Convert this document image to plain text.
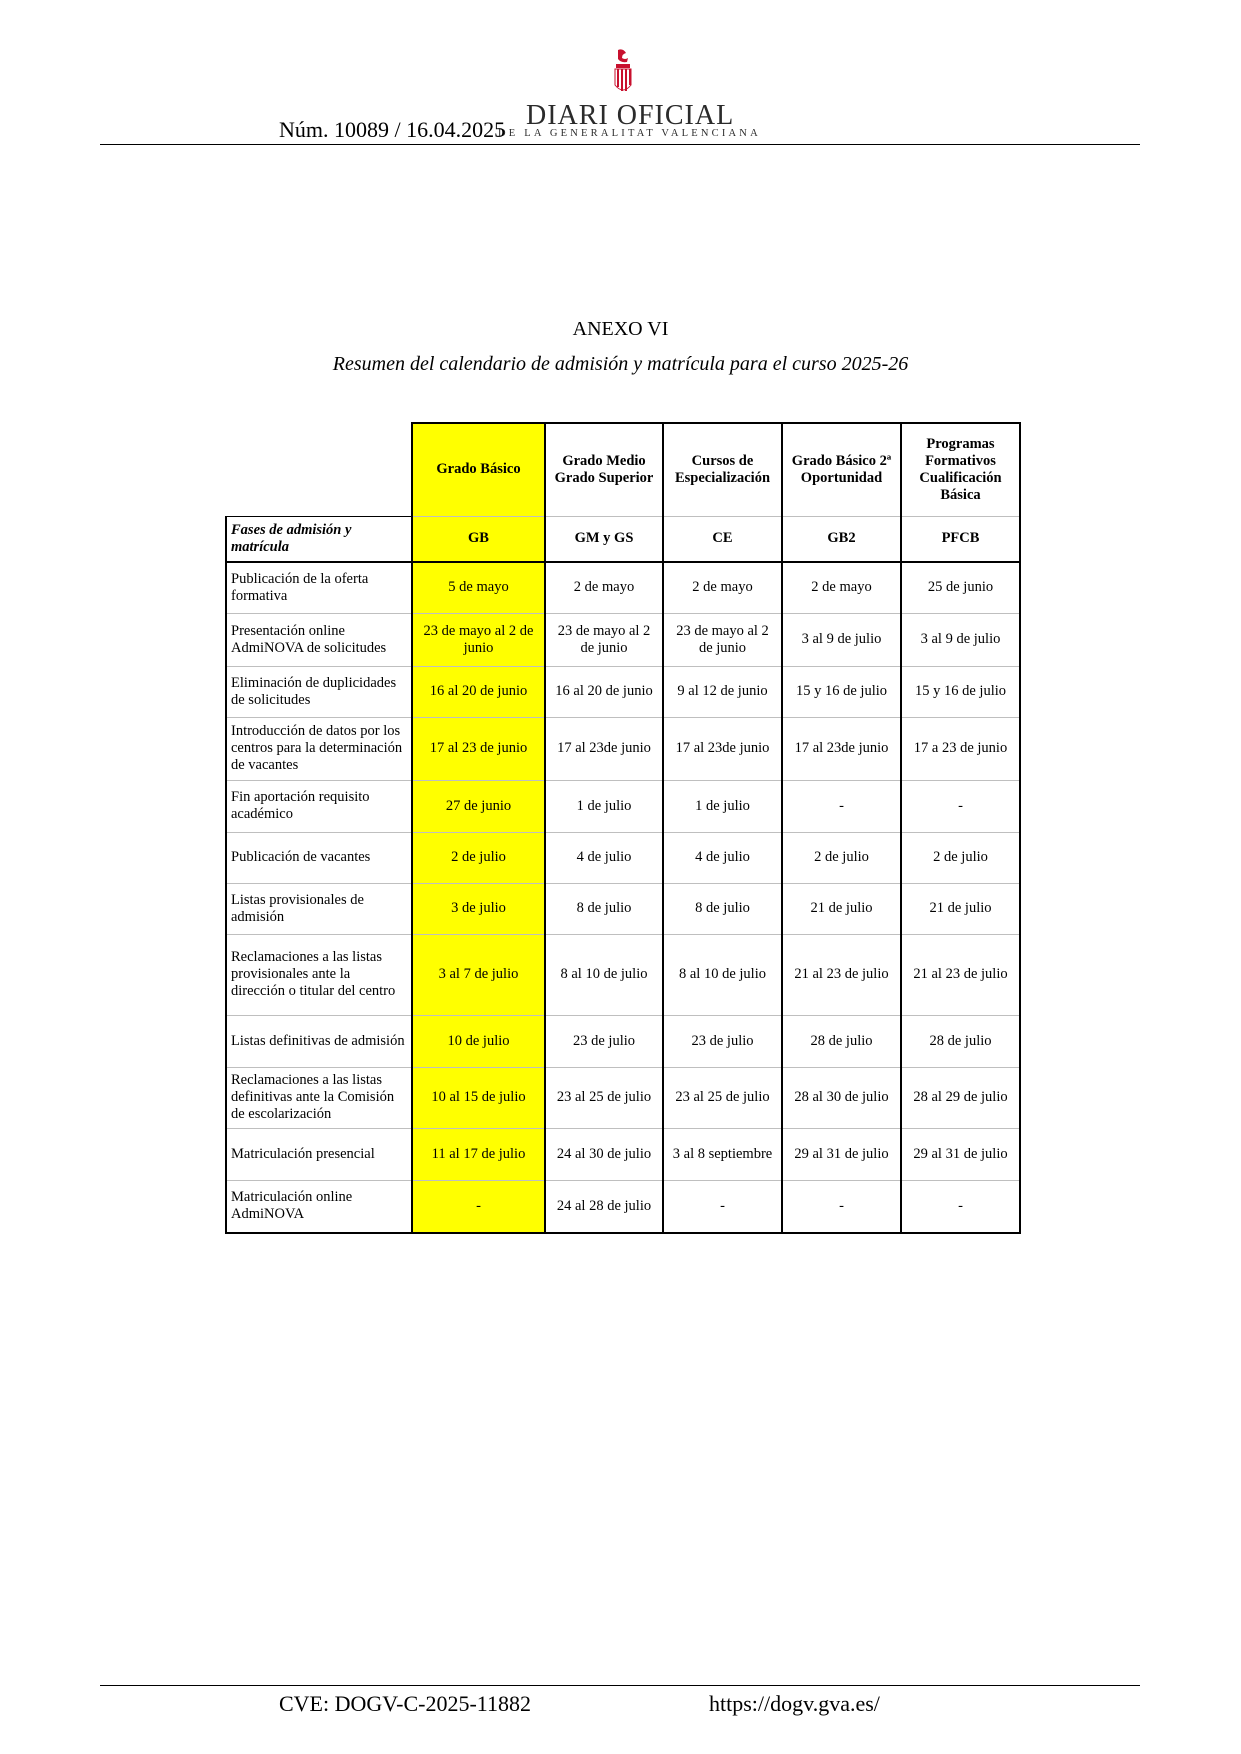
DIARI OFICIAL
DE LA GENERALITAT VALENCIANA
Núm. 10089 / 16.04.2025
ANEXO VI
Resumen del calendario de admisión y matrícula para el curso 2025-26
	Grado Básico	Grado Medio Grado Superior	Cursos de Especialización	Grado Básico 2ª Oportunidad	Programas Formativos Cualificación Básica
Fases de admisión y matrícula	GB	GM y GS	CE	GB2	PFCB
Publicación de la oferta formativa	5 de mayo	2 de mayo	2 de mayo	2 de mayo	25 de junio
Presentación online AdmiNOVA de solicitudes	23 de mayo al 2 de junio	23 de mayo al 2 de junio	23 de mayo al 2 de junio	3 al 9 de julio	3 al 9 de julio
Eliminación de duplicidades de solicitudes	16 al 20 de junio	16 al 20 de junio	9 al 12 de junio	15 y 16 de julio	15 y 16 de julio
Introducción de datos por los centros para la determinación de vacantes	17 al 23 de junio	17 al 23de junio	17 al 23de junio	17 al 23de junio	17 a 23 de junio
Fin aportación requisito académico	27 de junio	1 de julio	1 de julio	-	-
Publicación de vacantes	2 de julio	4 de julio	4 de julio	2 de julio	2 de julio
Listas provisionales de admisión	3 de julio	8 de julio	8 de julio	21 de julio	21 de julio
Reclamaciones a las listas provisionales ante la dirección o titular del centro	3 al 7 de julio	8 al 10 de julio	8 al 10 de julio	21 al 23 de julio	21 al 23 de julio
Listas definitivas de admisión	10 de julio	23 de julio	23 de julio	28 de julio	28 de julio
Reclamaciones a las listas definitivas ante la Comisión de escolarización	10 al 15 de julio	23 al 25 de julio	23 al 25 de julio	28 al 30 de julio	28 al 29 de julio
Matriculación presencial	11 al 17 de julio	24 al 30 de julio	3 al 8 septiembre	29 al 31 de julio	29 al 31 de julio
Matriculación online AdmiNOVA	-	24 al 28 de julio	-	-	-
CVE: DOGV-C-2025-11882	https://dogv.gva.es/
